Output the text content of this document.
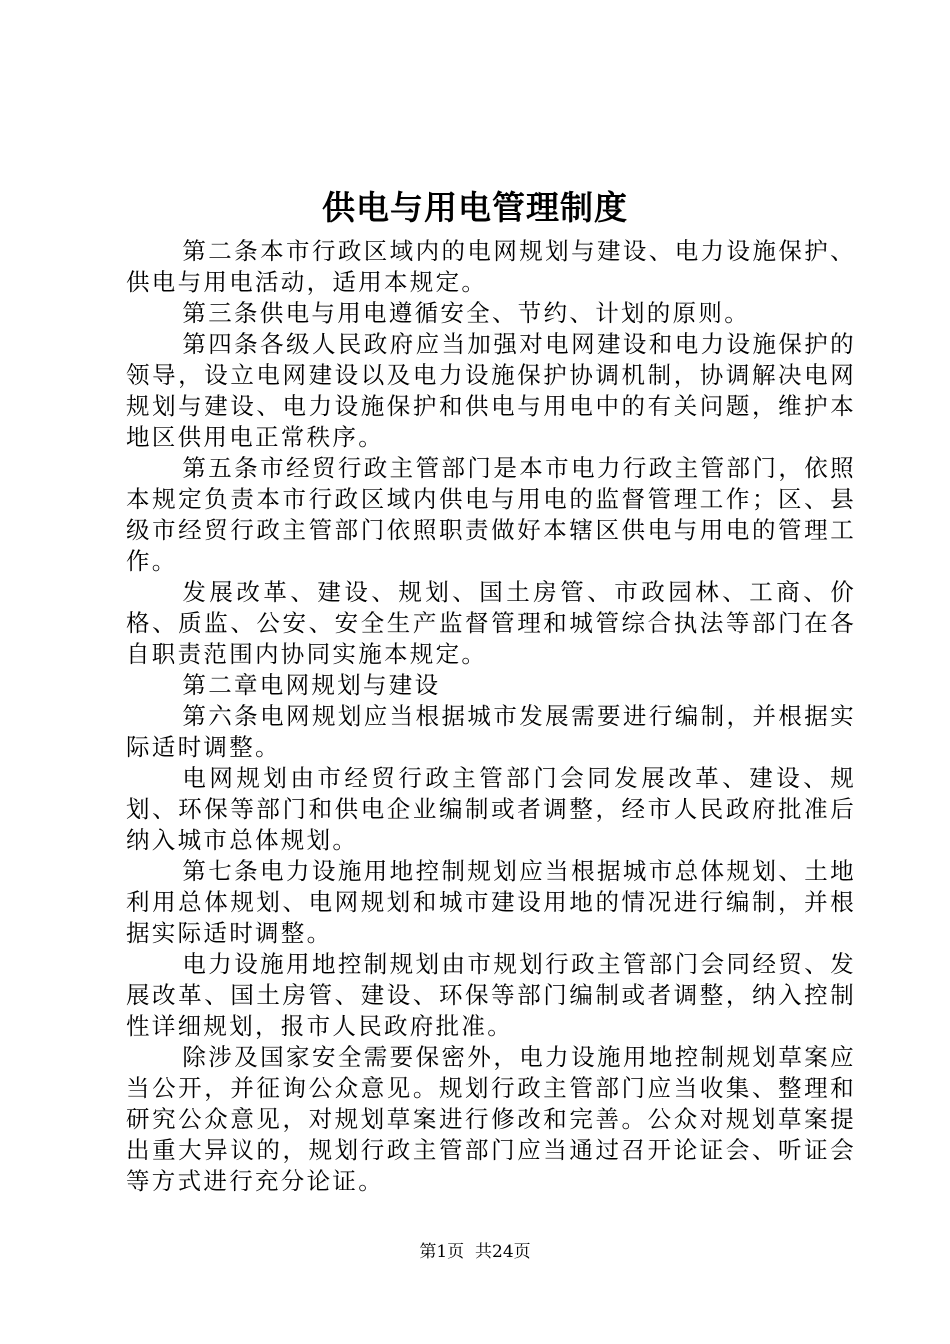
供电与用电管理制度

第二条本市行政区域内的电网规划与建设、电力设施保护、供电与用电活动，适用本规定。

第三条供电与用电遵循安全、节约、计划的原则。

第四条各级人民政府应当加强对电网建设和电力设施保护的领导，设立电网建设以及电力设施保护协调机制，协调解决电网规划与建设、电力设施保护和供电与用电中的有关问题，维护本地区供用电正常秩序。

第五条市经贸行政主管部门是本市电力行政主管部门，依照本规定负责本市行政区域内供电与用电的监督管理工作；区、县级市经贸行政主管部门依照职责做好本辖区供电与用电的管理工作。

发展改革、建设、规划、国土房管、市政园林、工商、价格、质监、公安、安全生产监督管理和城管综合执法等部门在各自职责范围内协同实施本规定。

第二章电网规划与建设

第六条电网规划应当根据城市发展需要进行编制，并根据实际适时调整。

电网规划由市经贸行政主管部门会同发展改革、建设、规划、环保等部门和供电企业编制或者调整，经市人民政府批准后纳入城市总体规划。

第七条电力设施用地控制规划应当根据城市总体规划、土地利用总体规划、电网规划和城市建设用地的情况进行编制，并根据实际适时调整。

电力设施用地控制规划由市规划行政主管部门会同经贸、发展改革、国土房管、建设、环保等部门编制或者调整，纳入控制性详细规划，报市人民政府批准。

除涉及国家安全需要保密外，电力设施用地控制规划草案应当公开，并征询公众意见。规划行政主管部门应当收集、整理和研究公众意见，对规划草案进行修改和完善。公众对规划草案提出重大异议的，规划行政主管部门应当通过召开论证会、听证会等方式进行充分论证。

第1页 共24页
